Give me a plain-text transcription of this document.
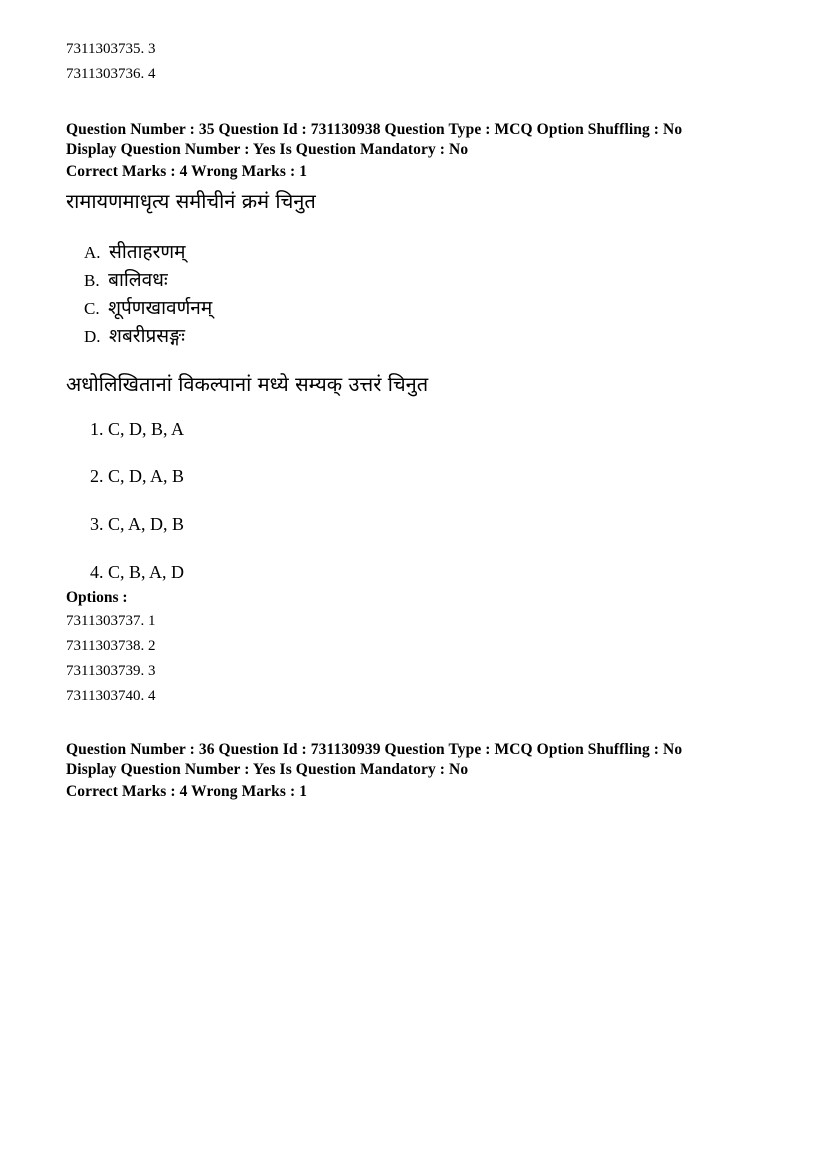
7311303735. 3
7311303736. 4
Question Number : 35 Question Id : 731130938 Question Type : MCQ Option Shuffling : No
Display Question Number : Yes Is Question Mandatory : No
Correct Marks : 4 Wrong Marks : 1
रामायणमाधृत्य समीचीनं क्रमं चिनुत
A. सीताहरणम्
B. बालिवधः
C. शूर्पणखावर्णनम्
D. शबरीप्रसङ्गः
अधोलिखितानां विकल्पानां मध्ये सम्यक् उत्तरं चिनुत
1. C, D, B, A
2. C, D, A, B
3. C, A, D, B
4. C, B, A, D
Options :
7311303737. 1
7311303738. 2
7311303739. 3
7311303740. 4
Question Number : 36 Question Id : 731130939 Question Type : MCQ Option Shuffling : No
Display Question Number : Yes Is Question Mandatory : No
Correct Marks : 4 Wrong Marks : 1
